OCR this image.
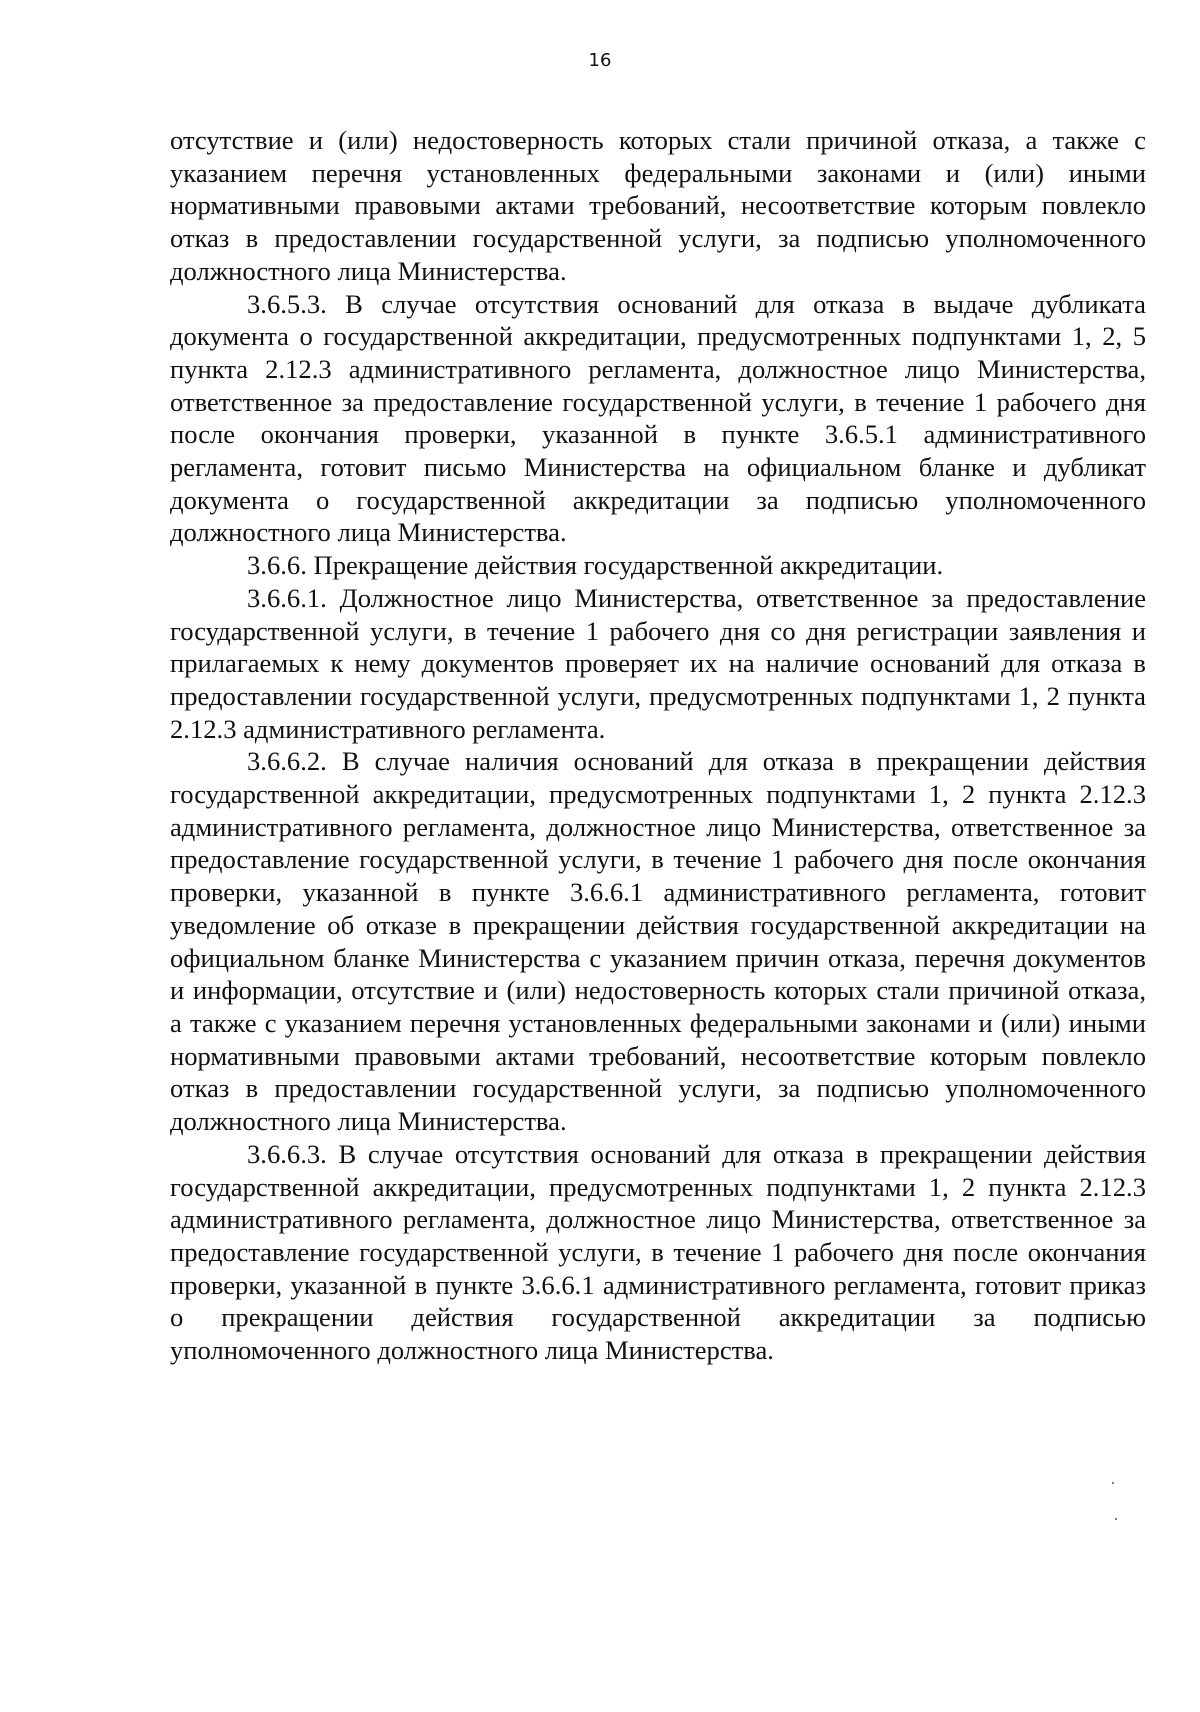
16

отсутствие и (или) недостоверность которых стали причиной отказа, а также с указанием перечня установленных федеральными законами и (или) иными нормативными правовыми актами требований, несоответствие которым повлекло отказ в предоставлении государственной услуги, за подписью уполномоченного должностного лица Министерства.

3.6.5.3. В случае отсутствия оснований для отказа в выдаче дубликата документа о государственной аккредитации, предусмотренных подпунктами 1, 2, 5 пункта 2.12.3 административного регламента, должностное лицо Министерства, ответственное за предоставление государственной услуги, в течение 1 рабочего дня после окончания проверки, указанной в пункте 3.6.5.1 административного регламента, готовит письмо Министерства на официальном бланке и дубликат документа о государственной аккредитации за подписью уполномоченного должностного лица Министерства.

3.6.6. Прекращение действия государственной аккредитации.

3.6.6.1. Должностное лицо Министерства, ответственное за предоставление государственной услуги, в течение 1 рабочего дня со дня регистрации заявления и прилагаемых к нему документов проверяет их на наличие оснований для отказа в предоставлении государственной услуги, предусмотренных подпунктами 1, 2 пункта 2.12.3 административного регламента.

3.6.6.2. В случае наличия оснований для отказа в прекращении действия государственной аккредитации, предусмотренных подпунктами 1, 2 пункта 2.12.3 административного регламента, должностное лицо Министерства, ответственное за предоставление государственной услуги, в течение 1 рабочего дня после окончания проверки, указанной в пункте 3.6.6.1 административного регламента, готовит уведомление об отказе в прекращении действия государственной аккредитации на официальном бланке Министерства с указанием причин отказа, перечня документов и информации, отсутствие и (или) недостоверность которых стали причиной отказа, а также с указанием перечня установленных федеральными законами и (или) иными нормативными правовыми актами требований, несоответствие которым повлекло отказ в предоставлении государственной услуги, за подписью уполномоченного должностного лица Министерства.

3.6.6.3. В случае отсутствия оснований для отказа в прекращении действия государственной аккредитации, предусмотренных подпунктами 1, 2 пункта 2.12.3 административного регламента, должностное лицо Министерства, ответственное за предоставление государственной услуги, в течение 1 рабочего дня после окончания проверки, указанной в пункте 3.6.6.1 административного регламента, готовит приказ о прекращении действия государственной аккредитации за подписью уполномоченного должностного лица Министерства.
